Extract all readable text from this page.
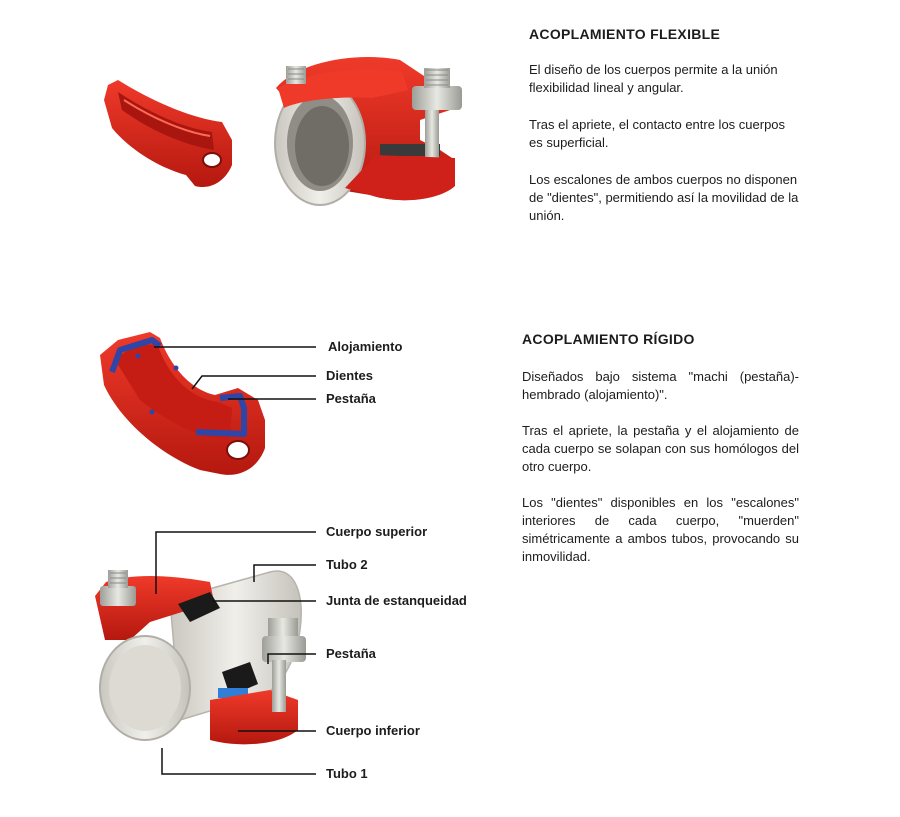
ACOPLAMIENTO FLEXIBLE

El diseño de los cuerpos permite a la unión flexibilidad lineal y angular.

Tras el apriete, el contacto entre los cuerpos es superficial.

Los escalones de ambos cuerpos no disponen de "dientes", permitiendo así la movilidad de la unión.

ACOPLAMIENTO RÍGIDO

Diseñados bajo sistema "machi (pestaña)-hembrado (alojamiento)".

Tras el apriete, la pestaña y el alojamiento de cada cuerpo se solapan con sus homólogos del otro cuerpo.

Los "dientes" disponibles en los "escalones" interiores de cada cuerpo, "muerden" simétricamente a ambos tubos, provocando su inmovilidad.

Alojamiento
Dientes
Pestaña
Cuerpo superior
Tubo 2
Junta de estanqueidad
Pestaña
Cuerpo inferior
Tubo 1
